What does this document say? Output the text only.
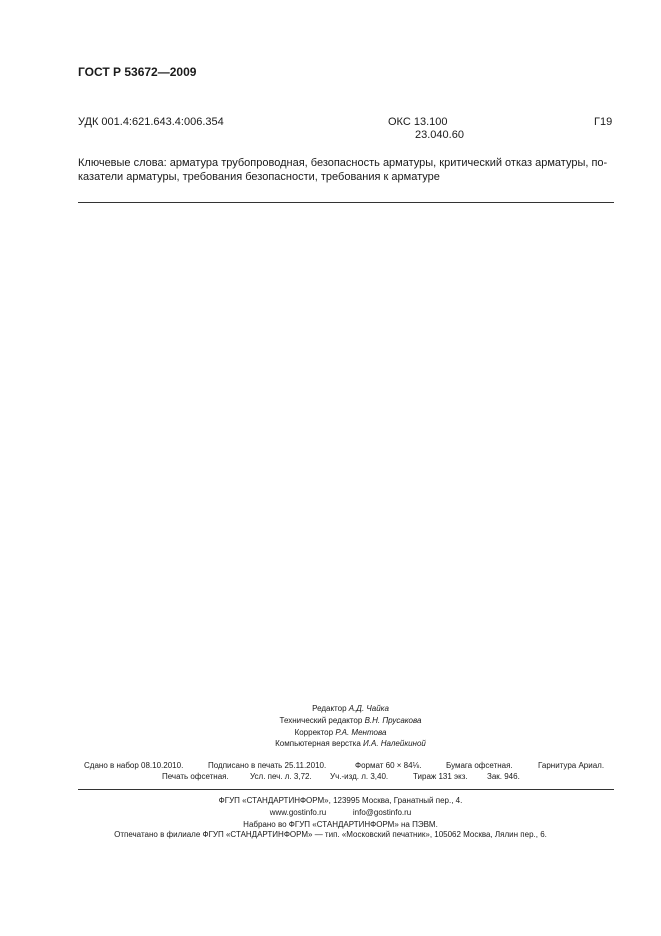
ГОСТ Р 53672—2009
УДК 001.4:621.643.4:006.354	ОКС 13.100
23.040.60
Г19
Ключевые слова: арматура трубопроводная, безопасность арматуры, критический отказ арматуры, по-казатели арматуры, требования безопасности, требования к арматуре
Редактор А.Д. Чайка
Технический редактор В.Н. Прусакова
Корректор Р.А. Ментова
Компьютерная верстка И.А. Налейкиной
Сдано в набор 08.10.2010.	Подписано в печать 25.11.2010.	Формат 60 × 84⅛.	Бумага офсетная.	Гарнитура Ариал.
Печать офсетная.	Усл. печ. л. 3,72. Уч.-изд. л. 3,40.	Тираж 131 экз. Зак. 946.
ФГУП «СТАНДАРТИНФОРМ», 123995 Москва, Гранатный пер., 4.
www.gostinfo.ru	info@gostinfo.ru
Набрано во ФГУП «СТАНДАРТИНФОРМ» на ПЭВМ.
Отпечатано в филиале ФГУП «СТАНДАРТИНФОРМ» — тип. «Московский печатник», 105062 Москва, Лялин пер., 6.
